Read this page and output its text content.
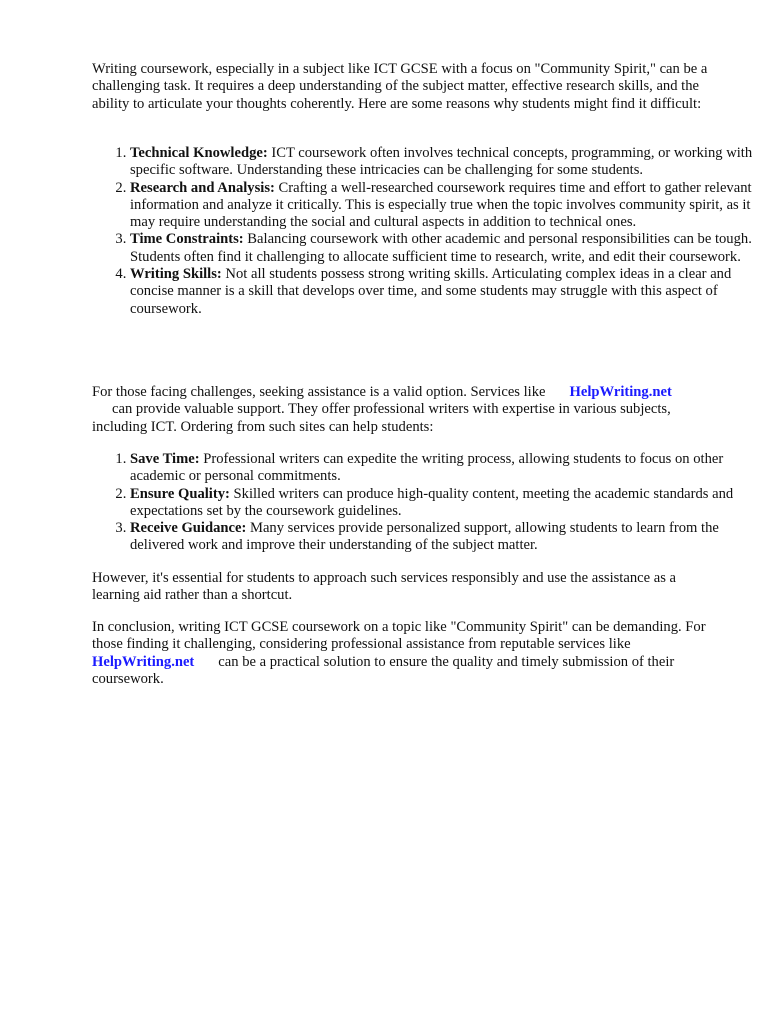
Writing coursework, especially in a subject like ICT GCSE with a focus on "Community Spirit," can be a challenging task. It requires a deep understanding of the subject matter, effective research skills, and the ability to articulate your thoughts coherently. Here are some reasons why students might find it difficult:

1. Technical Knowledge: ICT coursework often involves technical concepts, programming, or working with specific software. Understanding these intricacies can be challenging for some students.
2. Research and Analysis: Crafting a well-researched coursework requires time and effort to gather relevant information and analyze it critically. This is especially true when the topic involves community spirit, as it may require understanding the social and cultural aspects in addition to technical ones.
3. Time Constraints: Balancing coursework with other academic and personal responsibilities can be tough. Students often find it challenging to allocate sufficient time to research, write, and edit their coursework.
4. Writing Skills: Not all students possess strong writing skills. Articulating complex ideas in a clear and concise manner is a skill that develops over time, and some students may struggle with this aspect of coursework.

For those facing challenges, seeking assistance is a valid option. Services like HelpWriting.net
can provide valuable support. They offer professional writers with expertise in various subjects, including ICT. Ordering from such sites can help students:

1. Save Time: Professional writers can expedite the writing process, allowing students to focus on other academic or personal commitments.
2. Ensure Quality: Skilled writers can produce high-quality content, meeting the academic standards and expectations set by the coursework guidelines.
3. Receive Guidance: Many services provide personalized support, allowing students to learn from the delivered work and improve their understanding of the subject matter.

However, it's essential for students to approach such services responsibly and use the assistance as a learning aid rather than a shortcut.

In conclusion, writing ICT GCSE coursework on a topic like "Community Spirit" can be demanding. For those finding it challenging, considering professional assistance from reputable services like
HelpWriting.net can be a practical solution to ensure the quality and timely submission of their coursework.
